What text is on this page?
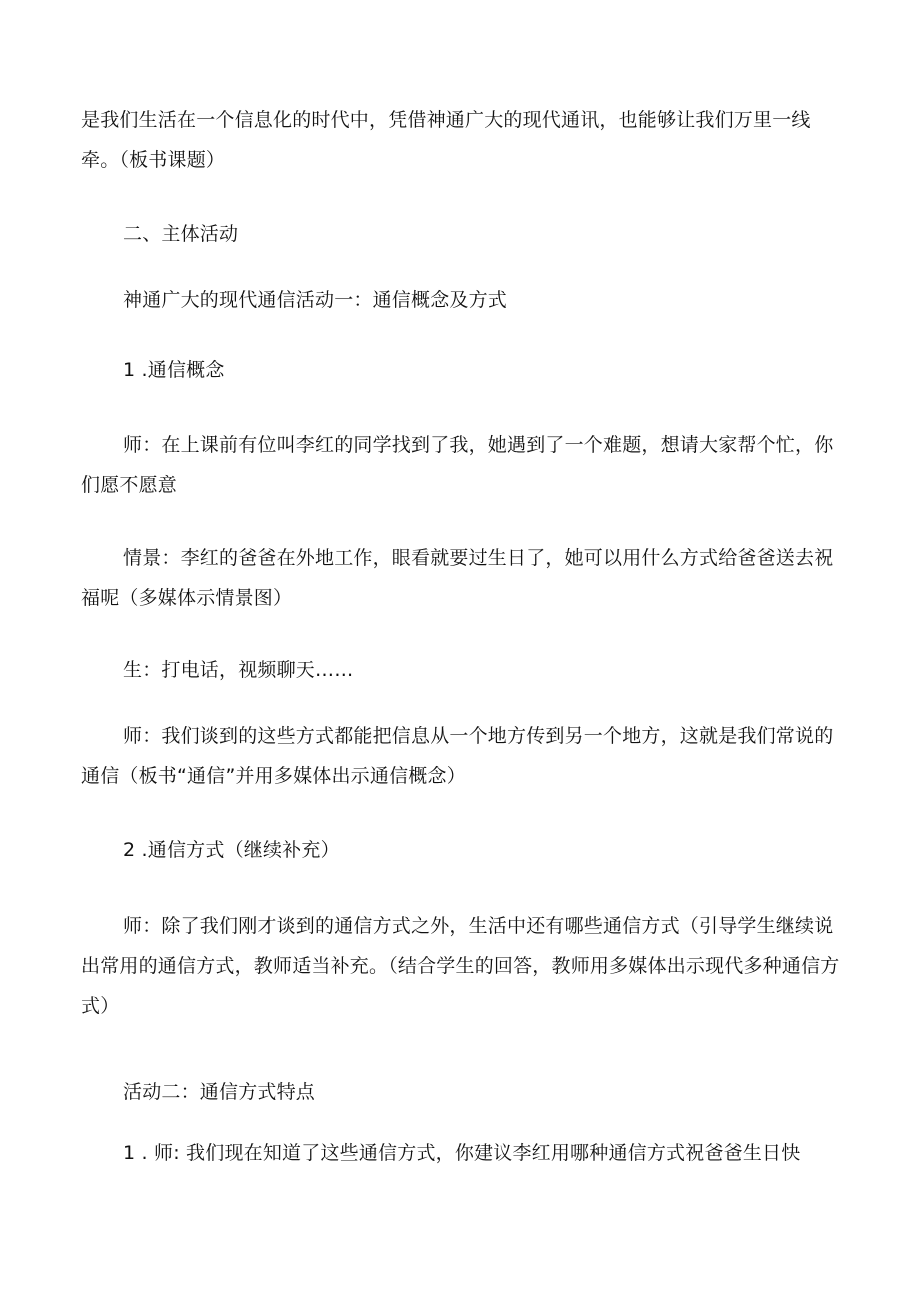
是我们生活在一个信息化的时代中，凭借神通广大的现代通讯，也能够让我们万里一线牵。（板书课题）
二、主体活动
神通广大的现代通信活动一：通信概念及方式
1 .通信概念
师：在上课前有位叫李红的同学找到了我，她遇到了一个难题，想请大家帮个忙，你们愿不愿意
情景：李红的爸爸在外地工作，眼看就要过生日了，她可以用什么方式给爸爸送去祝福呢（多媒体示情景图）
生：打电话，视频聊天……
师：我们谈到的这些方式都能把信息从一个地方传到另一个地方，这就是我们常说的通信（板书“通信”并用多媒体出示通信概念）
2 .通信方式（继续补充）
师：除了我们刚才谈到的通信方式之外，生活中还有哪些通信方式（引导学生继续说出常用的通信方式，教师适当补充。（结合学生的回答，教师用多媒体出示现代多种通信方式）
活动二：通信方式特点
1 . 师: 我们现在知道了这些通信方式，你建议李红用哪种通信方式祝爸爸生日快
